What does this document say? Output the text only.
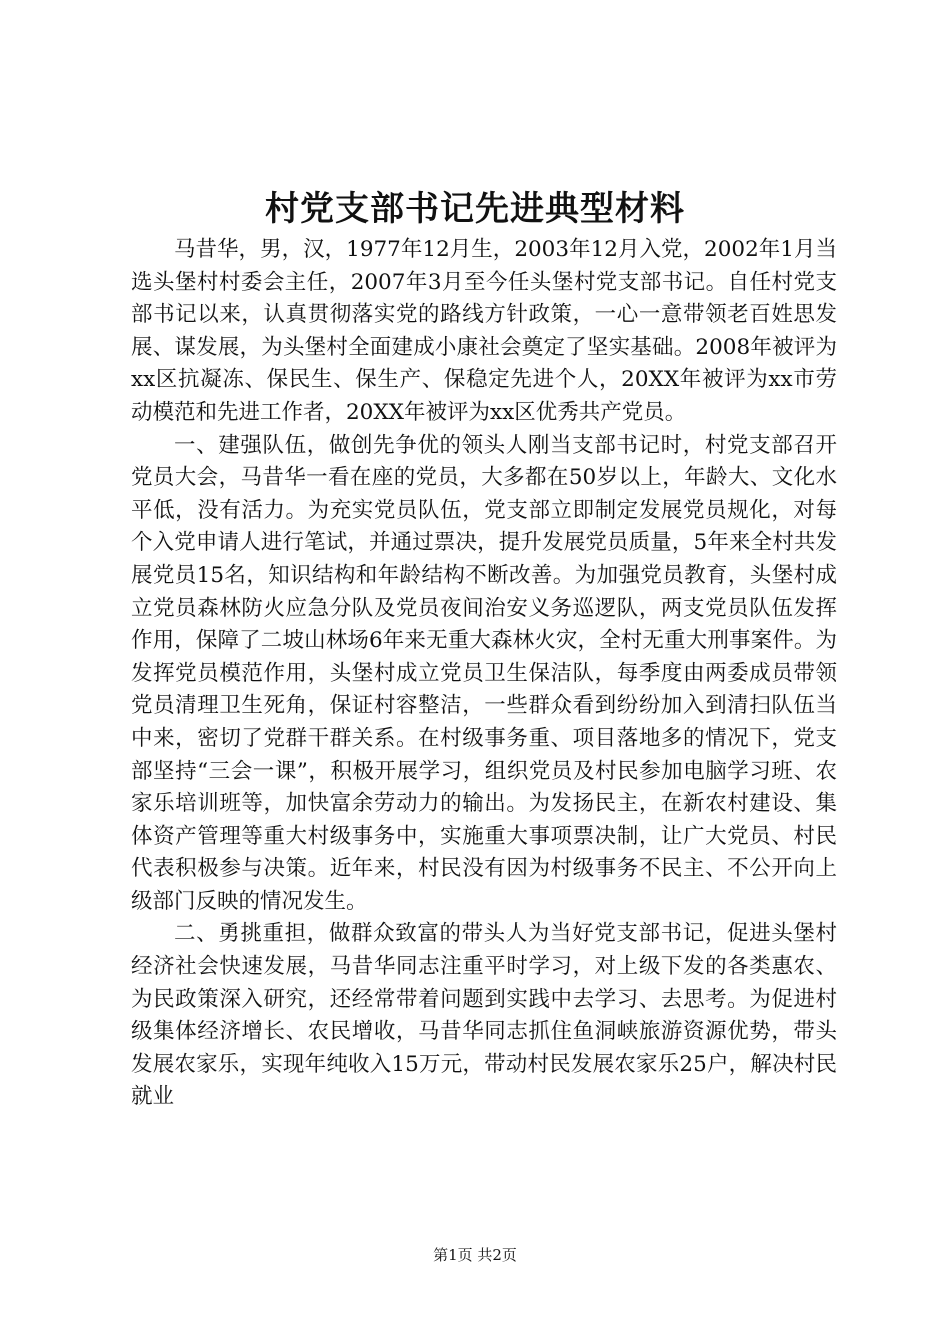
村党支部书记先进典型材料

马昔华，男，汉，1977年12月生，2003年12月入党，2002年1月当选头堡村村委会主任，2007年3月至今任头堡村党支部书记。自任村党支部书记以来，认真贯彻落实党的路线方针政策，一心一意带领老百姓思发展、谋发展，为头堡村全面建成小康社会奠定了坚实基础。2008年被评为xx区抗凝冻、保民生、保生产、保稳定先进个人，20XX年被评为xx市劳动模范和先进工作者，20XX年被评为xx区优秀共产党员。

一、建强队伍，做创先争优的领头人刚当支部书记时，村党支部召开党员大会，马昔华一看在座的党员，大多都在50岁以上，年龄大、文化水平低，没有活力。为充实党员队伍，党支部立即制定发展党员规化，对每个入党申请人进行笔试，并通过票决，提升发展党员质量，5年来全村共发展党员15名，知识结构和年龄结构不断改善。为加强党员教育，头堡村成立党员森林防火应急分队及党员夜间治安义务巡逻队，两支党员队伍发挥作用，保障了二坡山林场6年来无重大森林火灾，全村无重大刑事案件。为发挥党员模范作用，头堡村成立党员卫生保洁队，每季度由两委成员带领党员清理卫生死角，保证村容整洁，一些群众看到纷纷加入到清扫队伍当中来，密切了党群干群关系。在村级事务重、项目落地多的情况下，党支部坚持“三会一课”，积极开展学习，组织党员及村民参加电脑学习班、农家乐培训班等，加快富余劳动力的输出。为发扬民主，在新农村建设、集体资产管理等重大村级事务中，实施重大事项票决制，让广大党员、村民代表积极参与决策。近年来，村民没有因为村级事务不民主、不公开向上级部门反映的情况发生。

二、勇挑重担，做群众致富的带头人为当好党支部书记，促进头堡村经济社会快速发展，马昔华同志注重平时学习，对上级下发的各类惠农、为民政策深入研究，还经常带着问题到实践中去学习、去思考。为促进村级集体经济增长、农民增收，马昔华同志抓住鱼洞峡旅游资源优势，带头发展农家乐，实现年纯收入15万元，带动村民发展农家乐25户，解决村民就业

第1页 共2页
